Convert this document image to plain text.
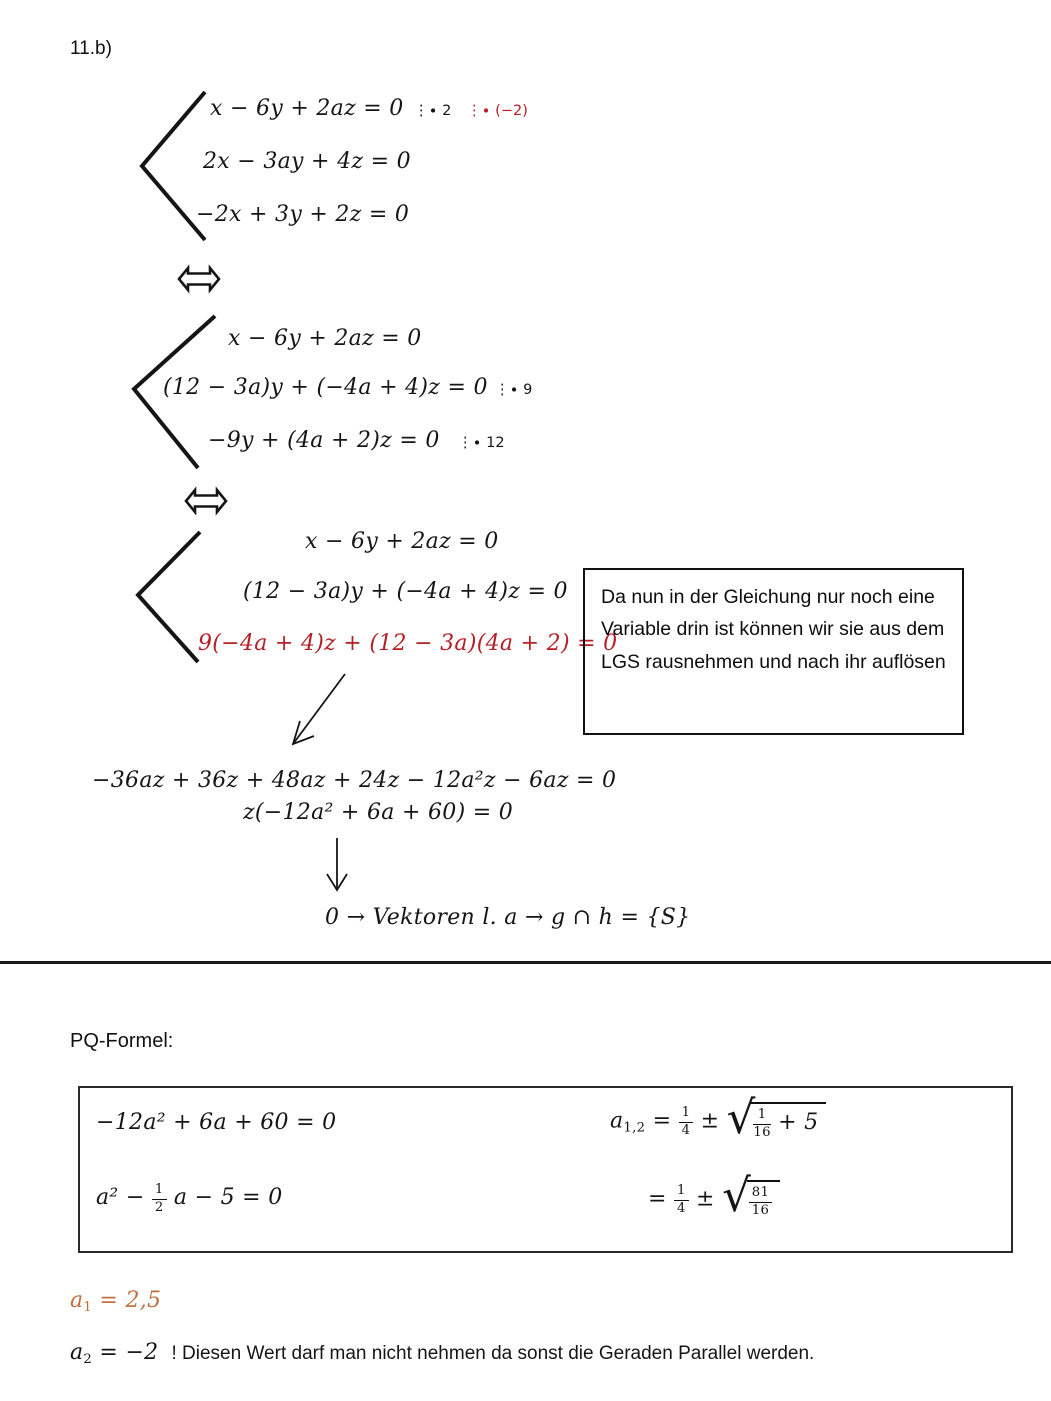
11.b)
x − 6y + 2az = 0 ⋮∙ 2 ⋮∙ (−2)
2x − 3ay + 4z = 0
−2x + 3y + 2z = 0
x − 6y + 2az = 0
(12 − 3a)y + (−4a + 4)z = 0 ⋮∙ 9
−9y + (4a + 2)z = 0 ⋮∙ 12
x − 6y + 2az = 0
(12 − 3a)y + (−4a + 4)z = 0
9(−4a + 4)z + (12 − 3a)(4a + 2) = 0
Da nun in der Gleichung nur noch eine Variable drin ist können wir sie aus dem LGS rausnehmen und nach ihr auflösen
−36az + 36z + 48az + 24z − 12a²z − 6az = 0
z(−12a² + 6a + 60) = 0
0 → Vektoren l. a → g ∩ h = {S}
PQ-Formel:
−12a² + 6a + 60 = 0
$a^2 - \frac{1}{2}$ a − 5 = 0
$a1,2 = \frac{1}{4}$ ± √ $\frac{1}{16} + 5$
= $\frac{1}{4}$ ± √ $\frac{81}{16}$
a1 = 2,5
a2 = −2 ! Diesen Wert darf man nicht nehmen da sonst die Geraden Parallel werden.
